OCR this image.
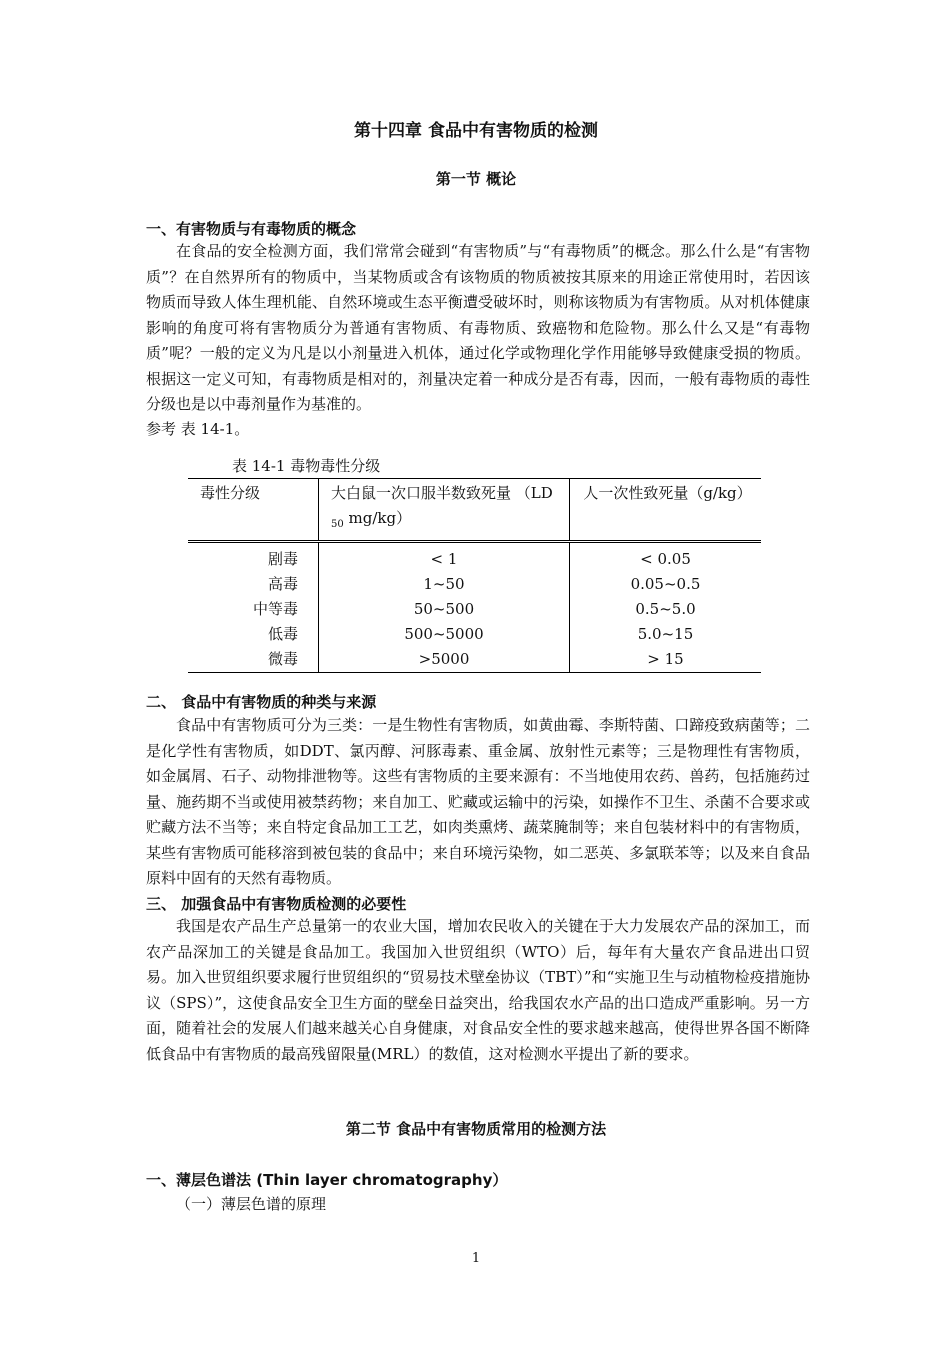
第十四章 食品中有害物质的检测
第一节 概论
一、有害物质与有毒物质的概念

在食品的安全检测方面，我们常常会碰到“有害物质”与“有毒物质”的概念。那么什么是“有害物质”？在自然界所有的物质中，当某物质或含有该物质的物质被按其原来的用途正常使用时，若因该物质而导致人体生理机能、自然环境或生态平衡遭受破坏时，则称该物质为有害物质。从对机体健康影响的角度可将有害物质分为普通有害物质、有毒物质、致癌物和危险物。那么什么又是“有毒物质”呢？一般的定义为凡是以小剂量进入机体，通过化学或物理化学作用能够导致健康受损的物质。根据这一定义可知，有毒物质是相对的，剂量决定着一种成分是否有毒，因而，一般有毒物质的毒性分级也是以中毒剂量作为基准的。

参考 表 14-1。
表 14-1 毒物毒性分级
毒性分级	大白鼠一次口服半数致死量 （LD $_{50}$ mg/kg）	人一次性致死量（g/kg）
剧毒	< 1	< 0.05
高毒	1~50	0.05~0.5
中等毒	50~500	0.5~5.0
低毒	500~5000	5.0~15
微毒	>5000	> 15
二、 食品中有害物质的种类与来源

食品中有害物质可分为三类：一是生物性有害物质，如黄曲霉、李斯特菌、口蹄疫致病菌等；二是化学性有害物质，如DDT、氯丙醇、河豚毒素、重金属、放射性元素等；三是物理性有害物质，如金属屑、石子、动物排泄物等。这些有害物质的主要来源有：不当地使用农药、兽药，包括施药过量、施药期不当或使用被禁药物；来自加工、贮藏或运输中的污染，如操作不卫生、杀菌不合要求或贮藏方法不当等；来自特定食品加工工艺，如肉类熏烤、蔬菜腌制等；来自包装材料中的有害物质，某些有害物质可能移溶到被包装的食品中；来自环境污染物，如二恶英、多氯联苯等；以及来自食品原料中固有的天然有毒物质。

三、 加强食品中有害物质检测的必要性

我国是农产品生产总量第一的农业大国，增加农民收入的关键在于大力发展农产品的深加工，而农产品深加工的关键是食品加工。我国加入世贸组织（WTO）后，每年有大量农产食品进出口贸易。加入世贸组织要求履行世贸组织的“贸易技术壁垒协议（TBT）”和“实施卫生与动植物检疫措施协议（SPS）”，这使食品安全卫生方面的壁垒日益突出，给我国农水产品的出口造成严重影响。另一方面，随着社会的发展人们越来越关心自身健康，对食品安全性的要求越来越高，使得世界各国不断降低食品中有害物质的最高残留限量(MRL）的数值，这对检测水平提出了新的要求。

第二节 食品中有害物质常用的检测方法
一、薄层色谱法 (Thin layer chromatography）
（一）薄层色谱的原理
1
